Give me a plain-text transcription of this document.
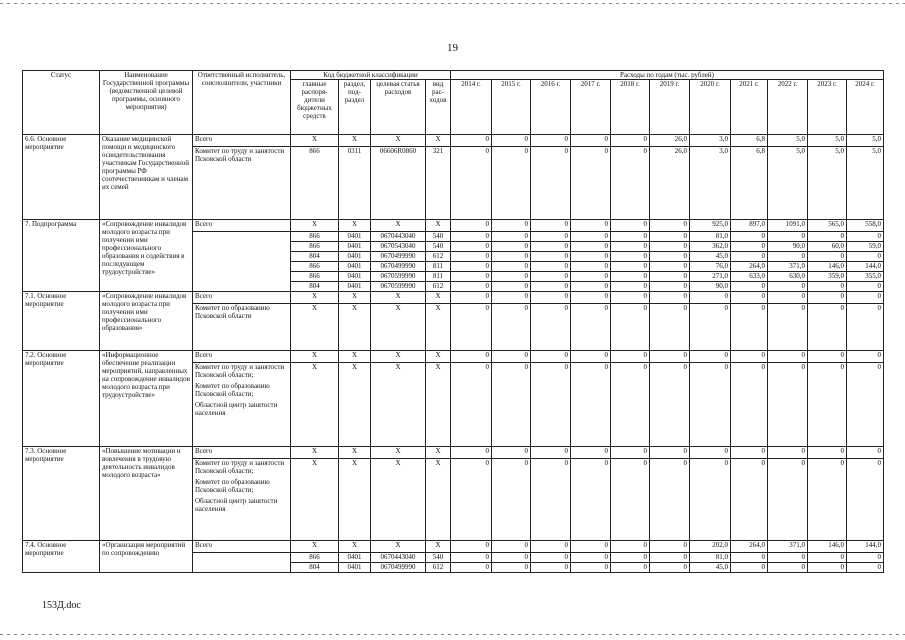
19
Статус	Наименование Государственной программы (ведомственной целевой программы, основного мероприятия)	Ответственный исполнитель, соисполнители, участники	Код бюджетной классификации				Расходы по годам (тыс. рублей)										
			главные распоря-дители бюджетных средств	раздел, под-раздел	целевая статья расходов	вид рас-ходов	2014 г.	2015 г.	2016 г.	2017 г.	2018 г.	2019 г.	2020 г.	2021 г.	2022 г.	2023 г.	2024 г.
6.6. Основное мероприятие	Оказание медицинской помощи и медицинского освидетельствования участникам Государственной программы РФ соотечественникам и членам их семей	Всего	X	X	X	X	0	0	0	0	0	26,0	3,0	6,8	5,0	5,0	5,0

		Комитет по труду и занятости Псковской области	866	0311	06606R0860	321	0	0	0	0	0	26,0	3,0	6,8	5,0	5,0	5,0
7. Подпрограмма	«Сопровождение инвалидов молодого возраста при получении ими профессионального образования и содействия в последующем трудоустройстве»	Всего	X	X	X	X	0	0	0	0	0	0	925,0	897,0	1091,0	565,0	558,0
			866	0401	0670443040	540	0	0	0	0	0	0	81,0	0	0	0	0
			866	0401	0670543040	540	0	0	0	0	0	0	362,0	0	90,0	60,0	59,0
			804	0401	0670499990	612	0	0	0	0	0	0	45,0	0	0	0	0
			866	0401	0670499990	811	0	0	0	0	0	0	76,0	264,0	371,0	146,0	144,0
			866	0401	0670599990	811	0	0	0	0	0	0	271,0	633,0	630,0	359,0	355,0
			804	0401	0670599990	612	0	0	0	0	0	0	90,0	0	0	0	0
7.1. Основное мероприятие	«Сопровождение инвалидов молодого возраста при получении ими профессионального образования»	Всего	X	X	X	X	0	0	0	0	0	0	0	0	0	0	0

		Комитет по образованию Псковской области	X	X	X	X	0	0	0	0	0	0	0	0	0	0	0
7.2. Основное мероприятие	«Информационное обеспечение реализации мероприятий, направленных на сопровождение инвалидов молодого возраста при трудоустройстве»	Всего	X	X	X	X	0	0	0	0	0	0	0	0	0	0	0

		Комитет по труду и занятости Псковской области;
Комитет по образованию Псковской области;
Областной центр занятости населения	X	X	X	X	0	0	0	0	0	0	0	0	0	0	0
7.3. Основное мероприятие	«Повышение мотивации и вовлечения в трудовую деятельность инвалидов молодого возраста»	Всего	X	X	X	X	0	0	0	0	0	0	0	0	0	0	0

		Комитет по труду и занятости Псковской области;
Комитет по образованию Псковской области;
Областной центр занятости населения	X	X	X	X	0	0	0	0	0	0	0	0	0	0	0
7.4. Основное мероприятие	«Организация мероприятий по сопровождению	Всего	X	X	X	X	0	0	0	0	0	0	202,0	264,0	371,0	146,0	144,0
			866	0401	0670443040	540	0	0	0	0	0	0	81,0	0	0	0	0
			804	0401	0670499990	612	0	0	0	0	0	0	45,0	0	0	0	0
153Д.doc
